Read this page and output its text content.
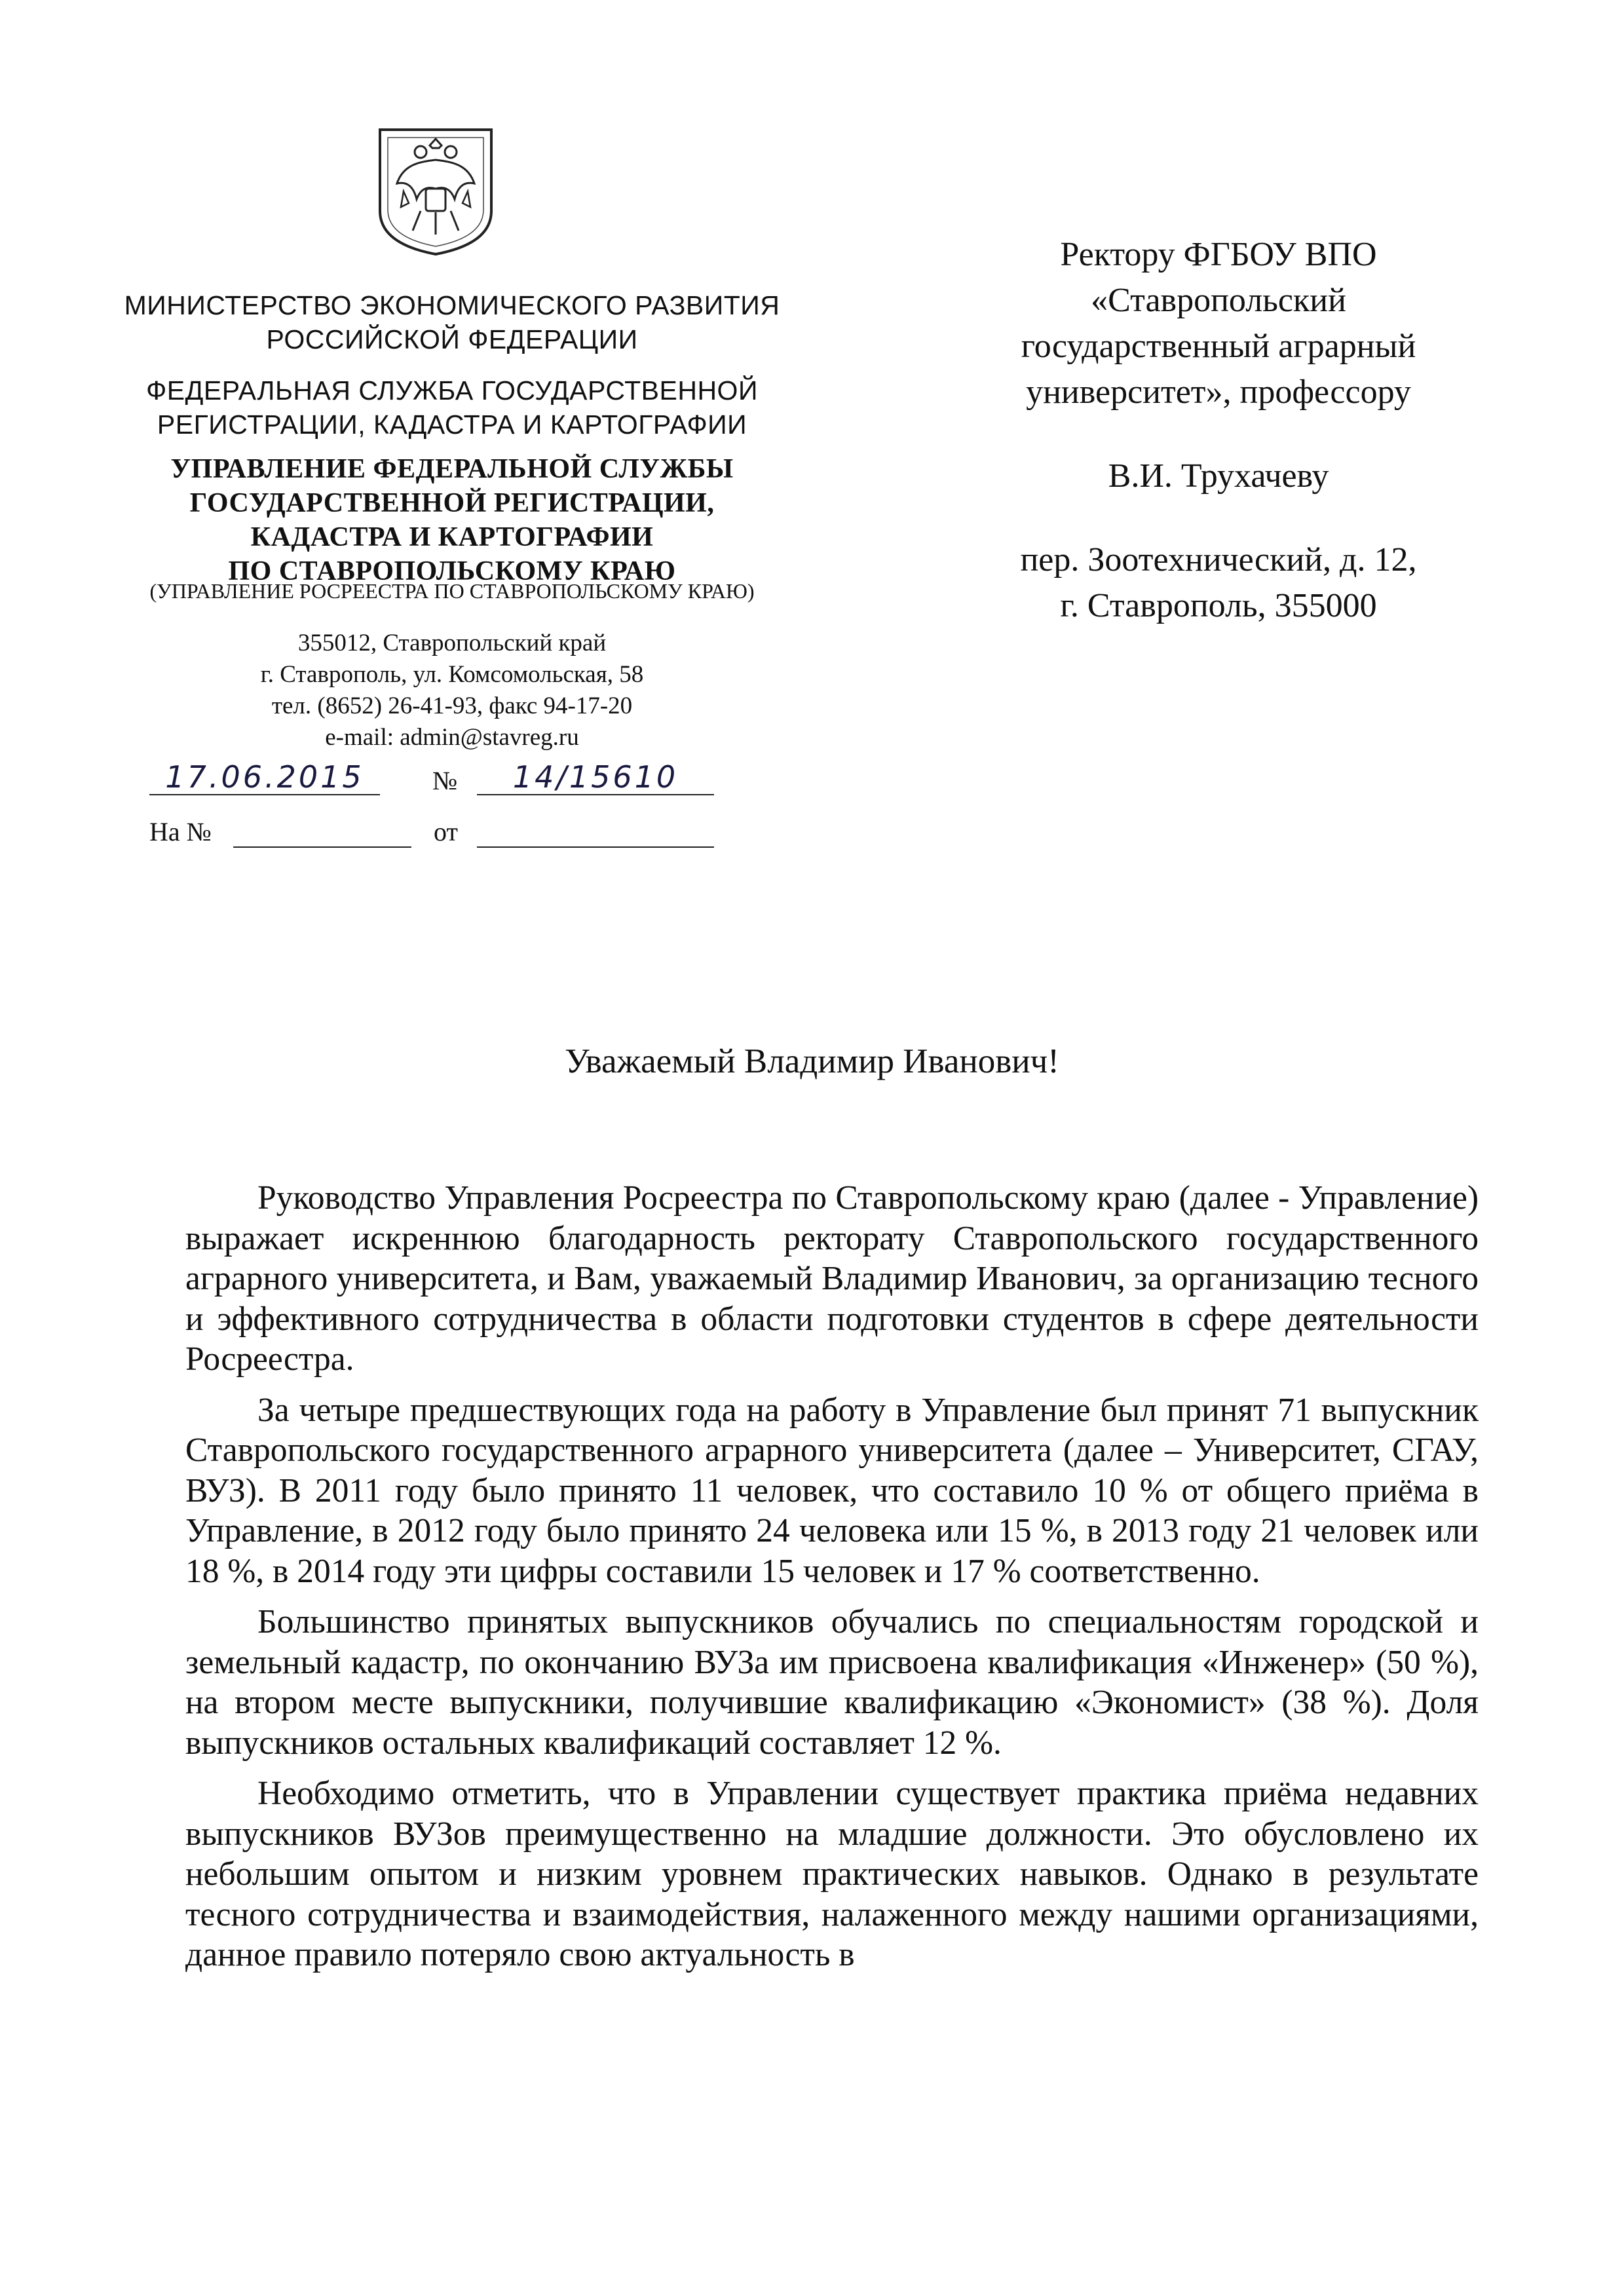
МИНИСТЕРСТВО ЭКОНОМИЧЕСКОГО РАЗВИТИЯ
РОССИЙСКОЙ ФЕДЕРАЦИИ
ФЕДЕРАЛЬНАЯ СЛУЖБА ГОСУДАРСТВЕННОЙ
РЕГИСТРАЦИИ, КАДАСТРА И КАРТОГРАФИИ
УПРАВЛЕНИЕ ФЕДЕРАЛЬНОЙ СЛУЖБЫ
ГОСУДАРСТВЕННОЙ РЕГИСТРАЦИИ,
КАДАСТРА И КАРТОГРАФИИ
ПО СТАВРОПОЛЬСКОМУ КРАЮ
(УПРАВЛЕНИЕ РОСРЕЕСТРА ПО СТАВРОПОЛЬСКОМУ КРАЮ)
355012, Ставропольский край
г. Ставрополь, ул. Комсомольская, 58
тел. (8652) 26-41-93, факс 94-17-20
e-mail: admin@stavreg.ru
17.06.2015	№	14/15610
На №	от
Ректору ФГБОУ ВПО
«Ставропольский
государственный аграрный
университет», профессору
В.И. Трухачеву
пер. Зоотехнический, д. 12,
г. Ставрополь, 355000
Уважаемый Владимир Иванович!

Руководство Управления Росреестра по Ставропольскому краю (далее - Управление) выражает искреннюю благодарность ректорату Ставропольского государственного аграрного университета, и Вам, уважаемый Владимир Иванович, за организацию тесного и эффективного сотрудничества в области подготовки студентов в сфере деятельности Росреестра.

За четыре предшествующих года на работу в Управление был принят 71 выпускник Ставропольского государственного аграрного университета (далее – Университет, СГАУ, ВУЗ). В 2011 году было принято 11 человек, что составило 10 % от общего приёма в Управление, в 2012 году было принято 24 человека или 15 %, в 2013 году 21 человек или 18 %, в 2014 году эти цифры составили 15 человек и 17 % соответственно.

Большинство принятых выпускников обучались по специальностям городской и земельный кадастр, по окончанию ВУЗа им присвоена квалификация «Инженер» (50 %), на втором месте выпускники, получившие квалификацию «Экономист» (38 %). Доля выпускников остальных квалификаций составляет 12 %.

Необходимо отметить, что в Управлении существует практика приёма недавних выпускников ВУЗов преимущественно на младшие должности. Это обусловлено их небольшим опытом и низким уровнем практических навыков. Однако в результате тесного сотрудничества и взаимодействия, налаженного между нашими организациями, данное правило потеряло свою актуальность в
